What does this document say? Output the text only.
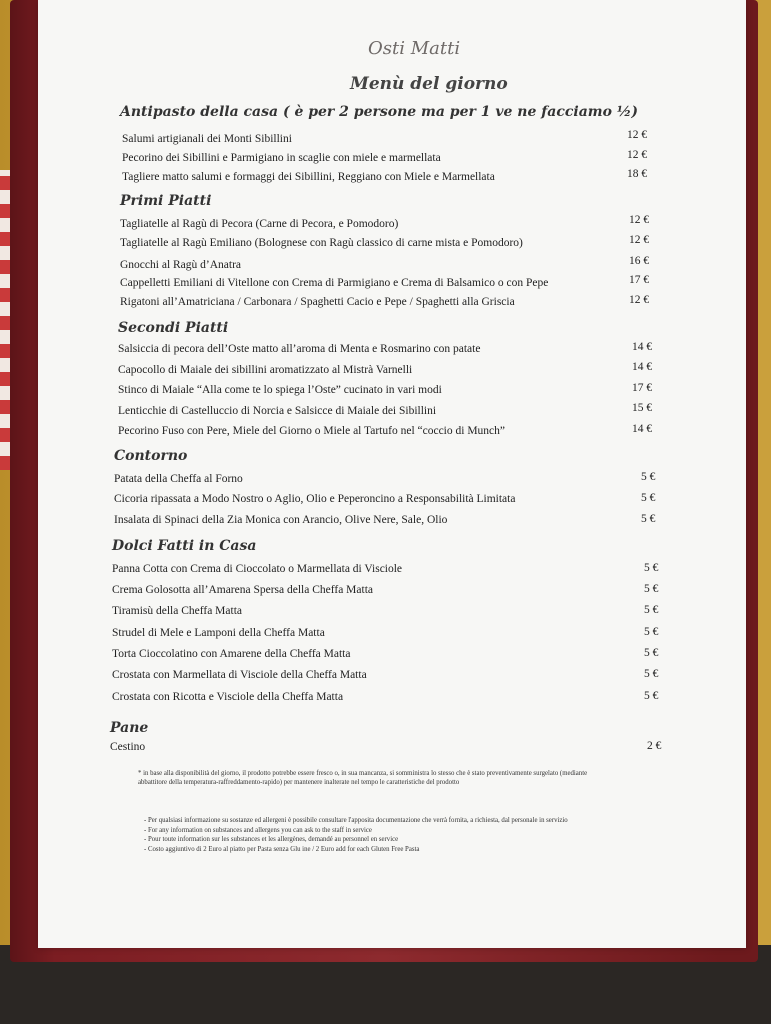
Osti Matti
Menù del giorno
Antipasto della casa ( è per 2 persone ma per 1 ve ne facciamo ½)
Salumi artigianali dei Monti Sibillini	12 €
Pecorino dei Sibillini e Parmigiano in scaglie con miele e marmellata	12 €
Tagliere matto salumi e formaggi dei Sibillini, Reggiano con Miele e Marmellata	18 €
Primi Piatti
Tagliatelle al Ragù di Pecora (Carne di Pecora, e Pomodoro)	12 €
Tagliatelle al Ragù Emiliano (Bolognese con Ragù classico di carne mista e Pomodoro)	12 €
Gnocchi al Ragù d’Anatra	16 €
Cappelletti Emiliani di Vitellone con Crema di Parmigiano e Crema di Balsamico o con Pepe	17 €
Rigatoni all’Amatriciana / Carbonara / Spaghetti Cacio e Pepe / Spaghetti alla Griscia	12 €
Secondi Piatti
Salsiccia di pecora dell’Oste matto all’aroma di Menta e Rosmarino con patate	14 €
Capocollo di Maiale dei sibillini aromatizzato al Mistrà Varnelli	14 €
Stinco di Maiale “Alla come te lo spiega l’Oste” cucinato in vari modi	17 €
Lenticchie di Castelluccio di Norcia e Salsicce di Maiale dei Sibillini	15 €
Pecorino Fuso con Pere, Miele del Giorno o Miele al Tartufo nel “coccio di Munch”	14 €
Contorno
Patata della Cheffa al Forno	5 €
Cicoria ripassata a Modo Nostro o Aglio, Olio e Peperoncino a Responsabilità Limitata	5 €
Insalata di Spinaci della Zia Monica con Arancio, Olive Nere, Sale, Olio	5 €
Dolci Fatti in Casa
Panna Cotta con Crema di Cioccolato o Marmellata di Visciole	5 €
Crema Golosotta all’Amarena Spersa della Cheffa Matta	5 €
Tiramisù della Cheffa Matta	5 €
Strudel di Mele e Lamponi della Cheffa Matta	5 €
Torta Cioccolatino con Amarene della Cheffa Matta	5 €
Crostata con Marmellata di Visciole della Cheffa Matta	5 €
Crostata con Ricotta e Visciole della Cheffa Matta	5 €
Pane
Cestino	2 €
* in base alla disponibilità del giorno, il prodotto potrebbe essere fresco o, in sua mancanza, si somministra lo stesso che è stato preventivamente surgelato (mediante abbattitore della temperatura-raffreddamento-rapido) per mantenere inalterate nel tempo le caratteristiche del prodotto
- Per qualsiasi informazione su sostanze ed allergeni è possibile consultare l'apposita documentazione che verrà fornita, a richiesta, dal personale in servizio
- For any information on substances and allergens you can ask to the staff in service
- Pour toute information sur les substances et les allergènes, demandé au personnel en service
- Costo aggiuntivo di 2 Euro al piatto per Pasta senza Glu ine / 2 Euro add for each Gluten Free Pasta
